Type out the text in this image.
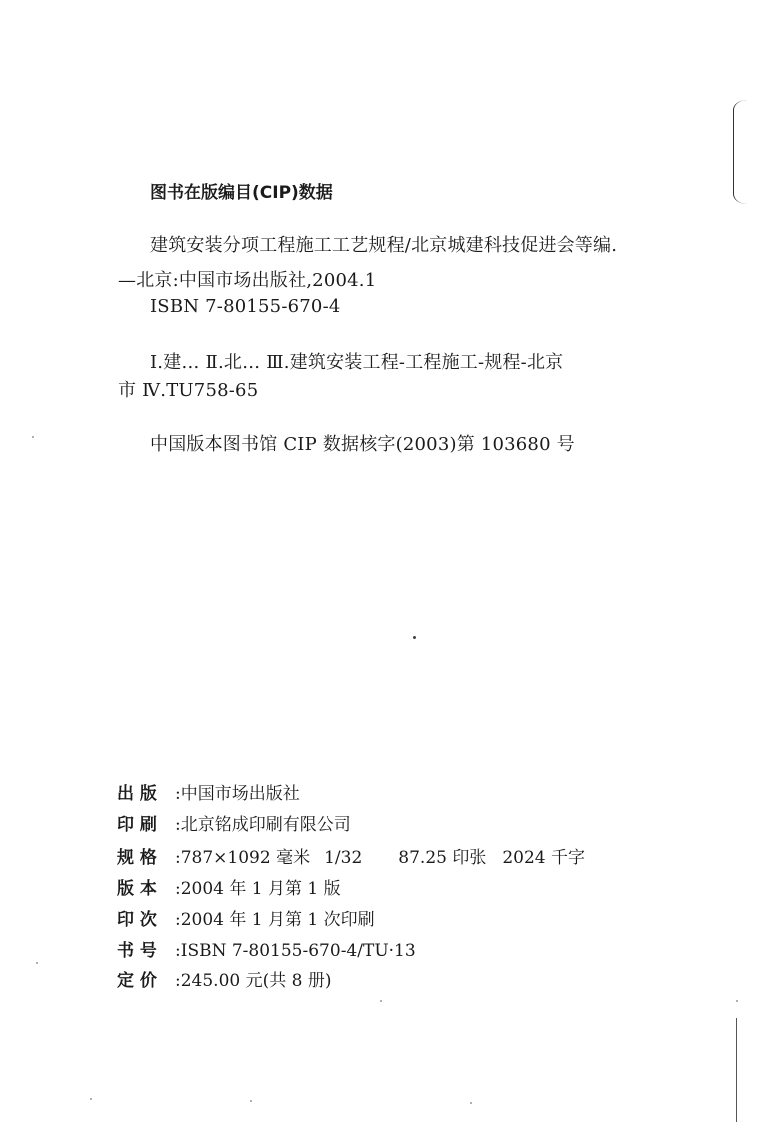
图书在版编目(CIP)数据
建筑安装分项工程施工工艺规程/北京城建科技促进会等编.
—北京:中国市场出版社,2004.1
ISBN 7-80155-670-4
Ⅰ.建… Ⅱ.北… Ⅲ.建筑安装工程-工程施工-规程-北京
市 Ⅳ.TU758-65
中国版本图书馆 CIP 数据核字(2003)第 103680 号
出 版 :中国市场出版社
印 刷 :北京铭成印刷有限公司
规 格 :787×1092 毫米 1/32 87.25 印张 2024 千字
版 本 :2004 年 1 月第 1 版
印 次 :2004 年 1 月第 1 次印刷
书 号 :ISBN 7-80155-670-4/TU·13
定 价 :245.00 元(共 8 册)
